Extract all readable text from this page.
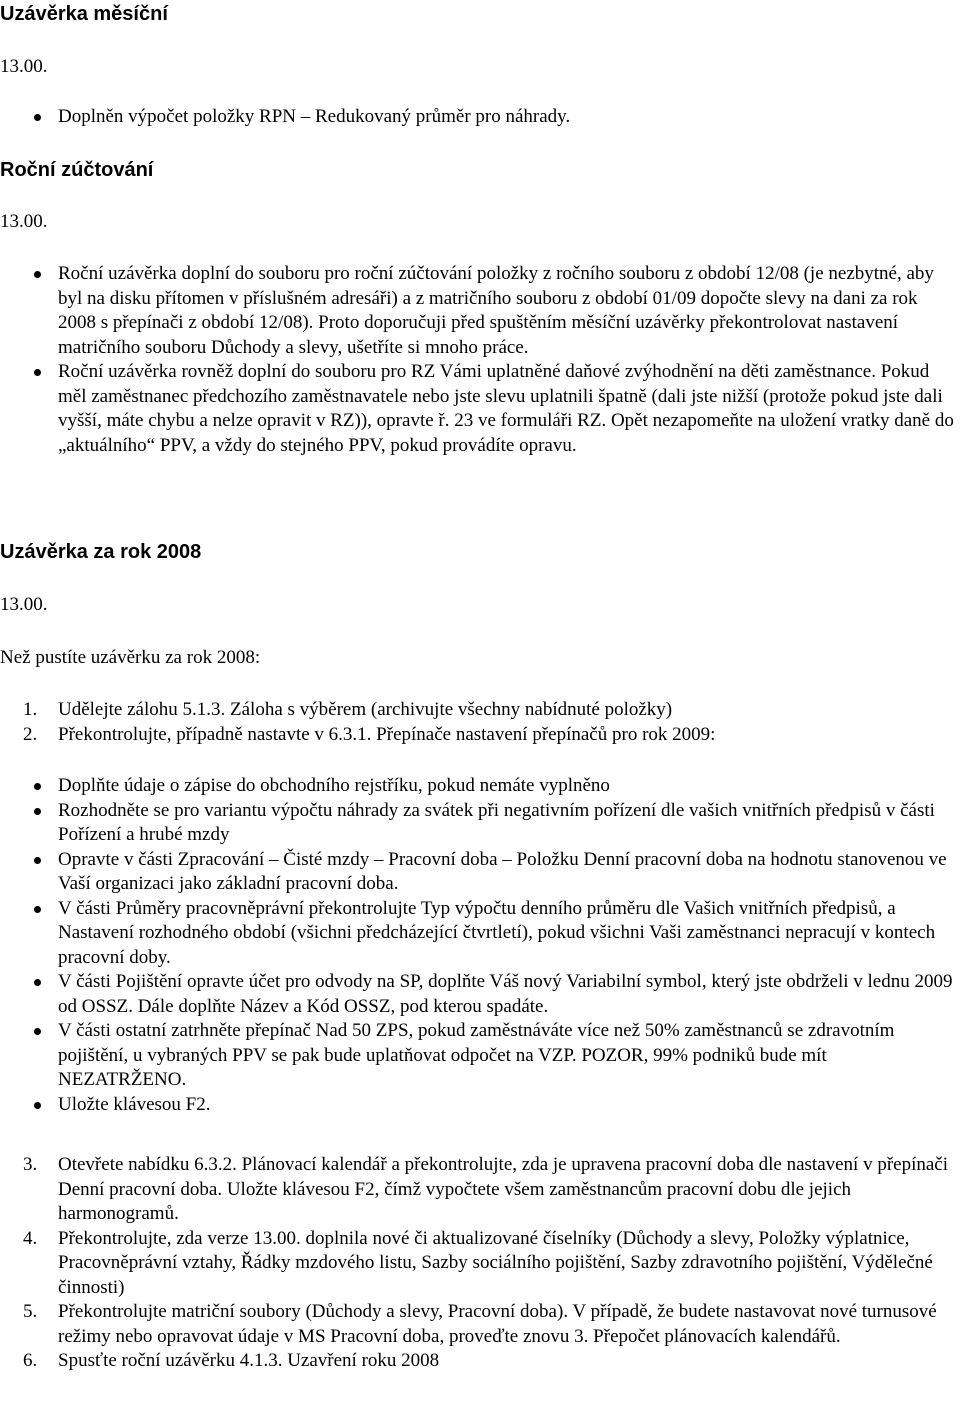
Uzávěrka měsíční

13.00.

Doplněn výpočet položky RPN – Redukovaný průměr pro náhrady.
Roční zúčtování

13.00.

Roční uzávěrka doplní do souboru pro roční zúčtování položky z ročního souboru z období 12/08 (je nezbytné, aby byl na disku přítomen v příslušném adresáři) a z matričního souboru z období 01/09 dopočte slevy na dani za rok 2008 s přepínači z období 12/08). Proto doporučuji před spuštěním měsíční uzávěrky překontrolovat nastavení matričního souboru Důchody a slevy, ušetříte si mnoho práce.
Roční uzávěrka rovněž doplní do souboru pro RZ Vámi uplatněné daňové zvýhodnění na děti zaměstnance. Pokud měl zaměstnanec předchozího zaměstnavatele nebo jste slevu uplatnili špatně (dali jste nižší (protože pokud jste dali vyšší, máte chybu a nelze opravit v RZ)), opravte ř. 23 ve formuláři RZ. Opět nezapomeňte na uložení vratky daně do „aktuálního“ PPV, a vždy do stejného PPV, pokud provádíte opravu.
Uzávěrka za rok 2008

13.00.

Než pustíte uzávěrku za rok 2008:

1. Udělejte zálohu 5.1.3. Záloha s výběrem (archivujte všechny nabídnuté položky)
2. Překontrolujte, případně nastavte v 6.3.1. Přepínače nastavení přepínačů pro rok 2009:
Doplňte údaje o zápise do obchodního rejstříku, pokud nemáte vyplněno
Rozhodněte se pro variantu výpočtu náhrady za svátek při negativním pořízení dle vašich vnitřních předpisů v části Pořízení a hrubé mzdy
Opravte v části Zpracování – Čisté mzdy – Pracovní doba – Položku Denní pracovní doba na hodnotu stanovenou ve Vaší organizaci jako základní pracovní doba.
V části Průměry pracovněprávní překontrolujte Typ výpočtu denního průměru dle Vašich vnitřních předpisů, a Nastavení rozhodného období (všichni předcházející čtvrtletí), pokud všichni Vaši zaměstnanci nepracují v kontech pracovní doby.
V části Pojištění opravte účet pro odvody na SP, doplňte Váš nový Variabilní symbol, který jste obdrželi v lednu 2009 od OSSZ. Dále doplňte Název a Kód OSSZ, pod kterou spadáte.
V části ostatní zatrhněte přepínač Nad 50 ZPS, pokud zaměstnáváte více než 50% zaměstnanců se zdravotním pojištění, u vybraných PPV se pak bude uplatňovat odpočet na VZP. POZOR, 99% podniků bude mít NEZATRŽENO.
Uložte klávesou F2.
3. Otevřete nabídku 6.3.2. Plánovací kalendář a překontrolujte, zda je upravena pracovní doba dle nastavení v přepínači Denní pracovní doba. Uložte klávesou F2, čímž vypočtete všem zaměstnancům pracovní dobu dle jejich harmonogramů.
4. Překontrolujte, zda verze 13.00. doplnila nové či aktualizované číselníky (Důchody a slevy, Položky výplatnice, Pracovněprávní vztahy, Řádky mzdového listu, Sazby sociálního pojištění, Sazby zdravotního pojištění, Výdělečné činnosti)
5. Překontrolujte matriční soubory (Důchody a slevy, Pracovní doba). V případě, že budete nastavovat nové turnusové režimy nebo opravovat údaje v MS Pracovní doba, proveďte znovu 3. Přepočet plánovacích kalendářů.
6. Spusťte roční uzávěrku 4.1.3. Uzavření roku 2008
